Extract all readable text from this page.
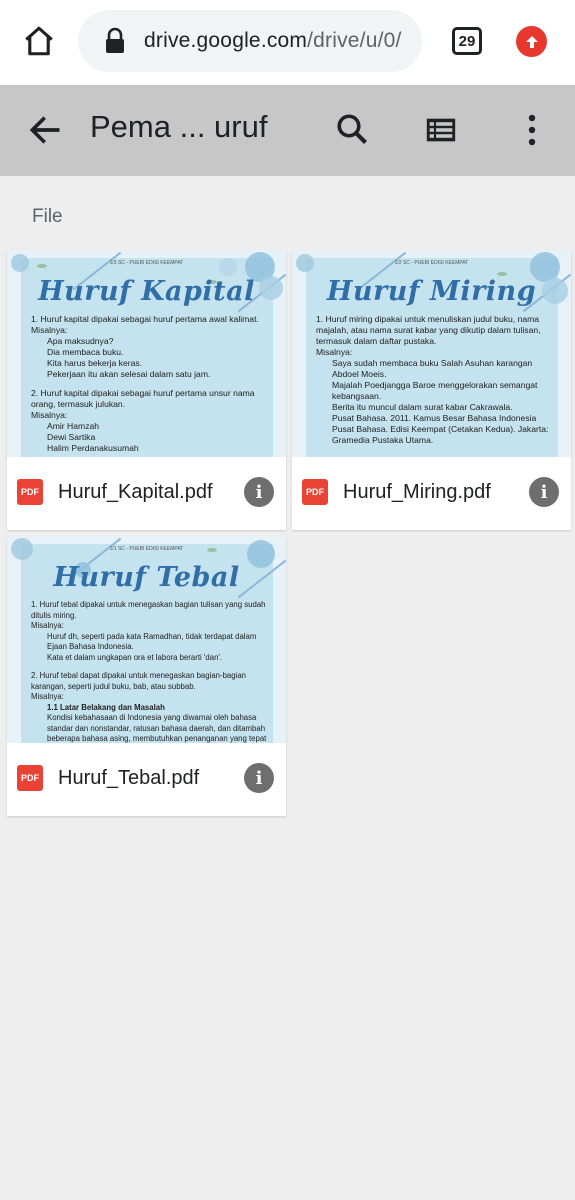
drive.google.com/drive/u/0/	29
Pema ... uruf
File
1/3 SC - PUEBI EDISI KEEMPAT
Huruf Kapital
1. Huruf kapital dipakai sebagai huruf pertama awal kalimat.
Misalnya:
Apa maksudnya?
Dia membaca buku.
Kita harus bekerja keras.
Pekerjaan itu akan selesai dalam satu jam.
2. Huruf kapital dipakai sebagai huruf pertama unsur nama orang, termasuk julukan.
Misalnya:
Amir Hamzah
Dewi Sartika
Halim Perdanakusumah
PDF Huruf_Kapital.pdf	i
1/2 SC - PUEBI EDISI KEEMPAT
Huruf Miring
1. Huruf miring dipakai untuk menuliskan judul buku, nama majalah, atau nama surat kabar yang dikutip dalam tulisan, termasuk dalam daftar pustaka.
Misalnya:
Saya sudah membaca buku Salah Asuhan karangan Abdoel Moeis.
Majalah Poedjangga Baroe menggelorakan semangat kebangsaan.
Berita itu muncul dalam surat kabar Cakrawala.
Pusat Bahasa. 2011. Kamus Besar Bahasa Indonesia Pusat Bahasa. Edisi Keempat (Cetakan Kedua). Jakarta: Gramedia Pustaka Utama.
PDF Huruf_Miring.pdf	i
1/1 SC - PUEBI EDISI KEEMPAT
Huruf Tebal
1. Huruf tebal dipakai untuk menegaskan bagian tulisan yang sudah ditulis miring.
Misalnya:
Huruf dh, seperti pada kata Ramadhan, tidak terdapat dalam Ejaan Bahasa Indonesia.
Kata et dalam ungkapan ora et labora berarti 'dan'.
2. Huruf tebal dapat dipakai untuk menegaskan bagian-bagian karangan, seperti judul buku, bab, atau subbab.
Misalnya:
1.1 Latar Belakang dan Masalah
Kondisi kebahasaan di Indonesia yang diwarnai oleh bahasa standar dan nonstandar, ratusan bahasa daerah, dan ditambah beberapa bahasa asing, membutuhkan penanganan yang tepat
PDF Huruf_Tebal.pdf	i
